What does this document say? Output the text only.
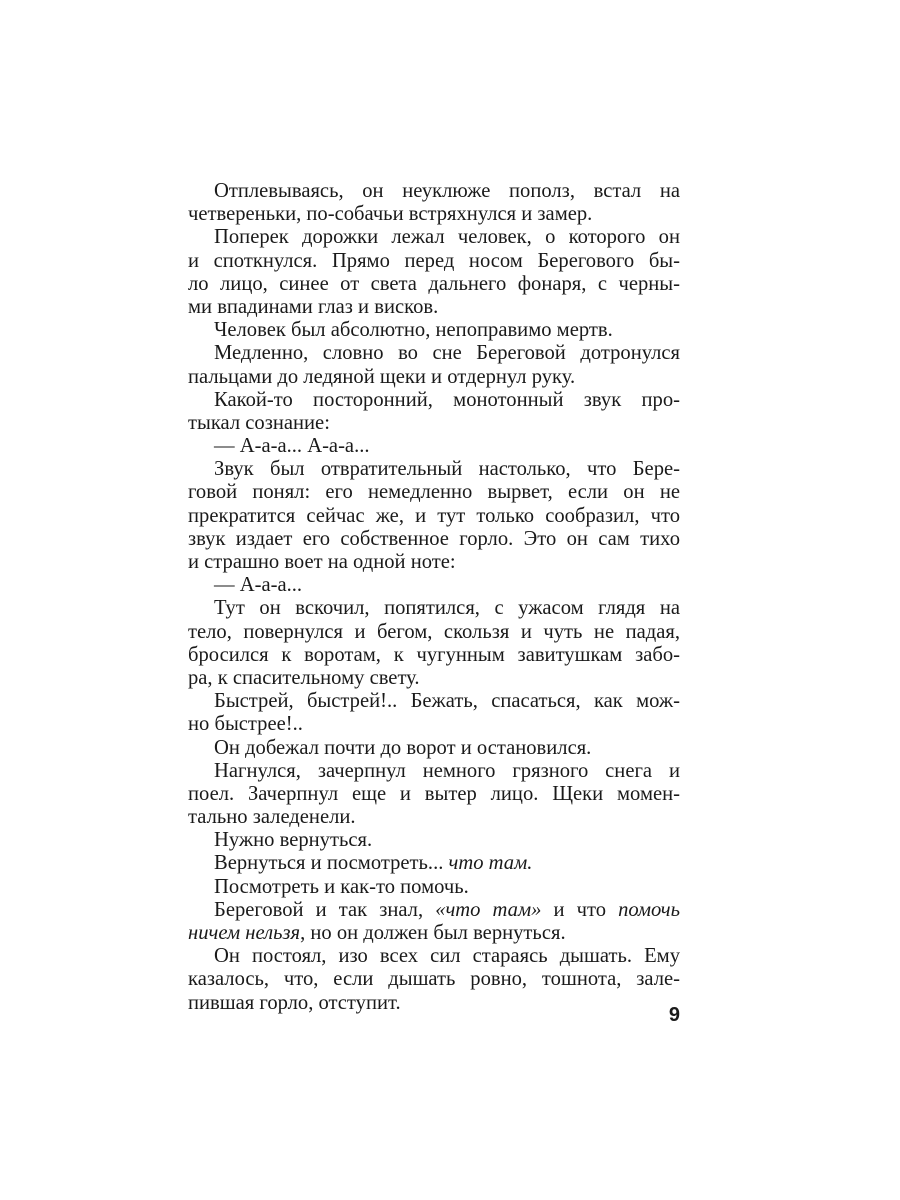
Отплевываясь, он неуклюже пополз, встал на
четвереньки, по-собачьи встряхнулся и замер.
Поперек дорожки лежал человек, о которого он
и споткнулся. Прямо перед носом Берегового бы-
ло лицо, синее от света дальнего фонаря, с черны-
ми впадинами глаз и висков.
Человек был абсолютно, непоправимо мертв.
Медленно, словно во сне Береговой дотронулся
пальцами до ледяной щеки и отдернул руку.
Какой-то посторонний, монотонный звук про-
тыкал сознание:
— А-а-а... А-а-а...
Звук был отвратительный настолько, что Бере-
говой понял: его немедленно вырвет, если он не
прекратится сейчас же, и тут только сообразил, что
звук издает его собственное горло. Это он сам тихо
и страшно воет на одной ноте:
— А-а-а...
Тут он вскочил, попятился, с ужасом глядя на
тело, повернулся и бегом, скользя и чуть не падая,
бросился к воротам, к чугунным завитушкам забо-
ра, к спасительному свету.
Быстрей, быстрей!.. Бежать, спасаться, как мож-
но быстрее!..
Он добежал почти до ворот и остановился.
Нагнулся, зачерпнул немного грязного снега и
поел. Зачерпнул еще и вытер лицо. Щеки момен-
тально заледенели.
Нужно вернуться.
Вернуться и посмотреть... что там.
Посмотреть и как-то помочь.
Береговой и так знал, «что там» и что помочь
ничем нельзя, но он должен был вернуться.
Он постоял, изо всех сил стараясь дышать. Ему
казалось, что, если дышать ровно, тошнота, зале-
пившая горло, отступит.
9
